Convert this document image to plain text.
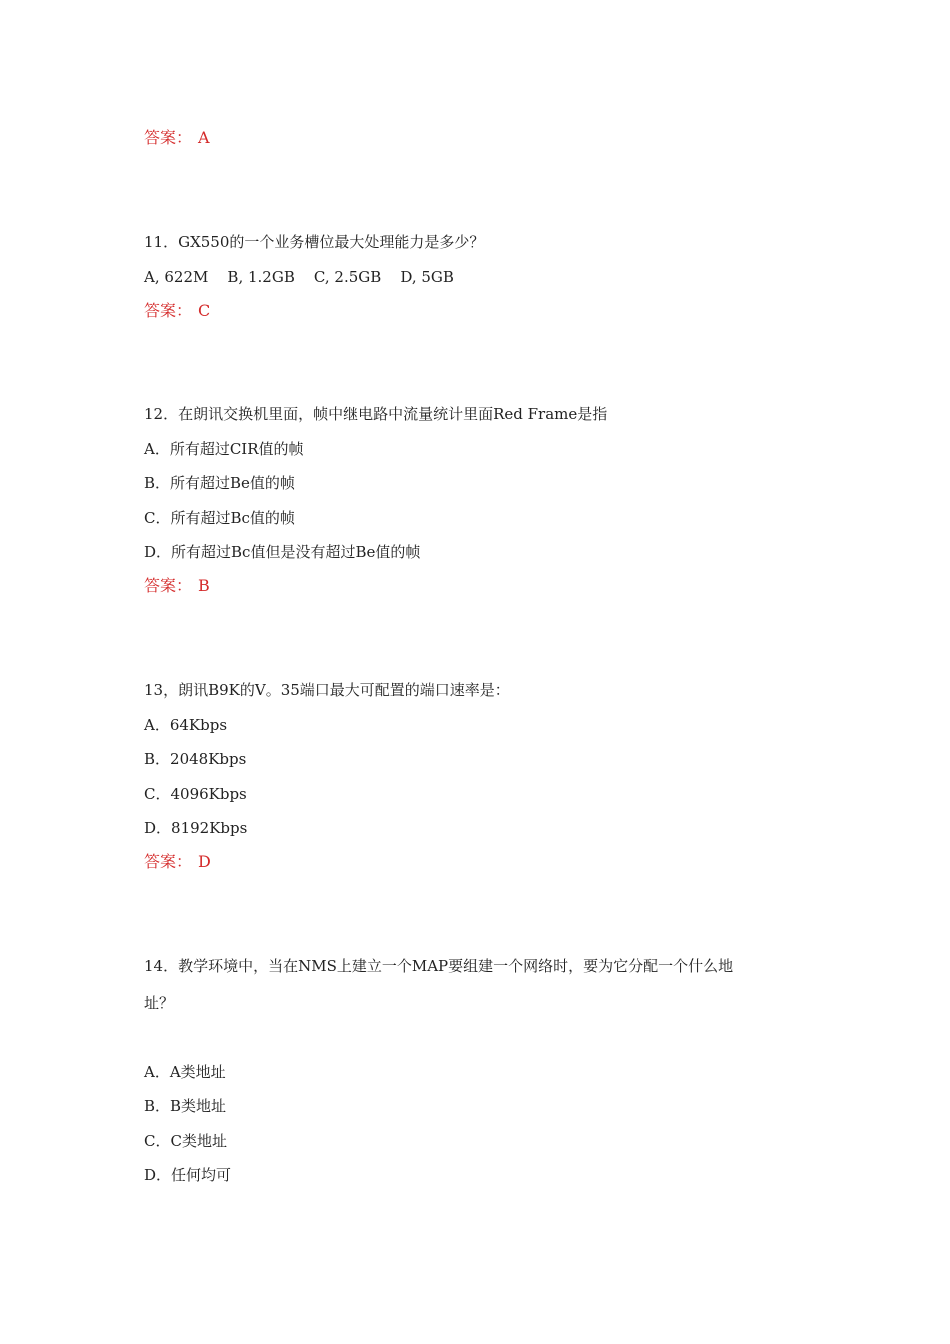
答案： A
11．GX550的一个业务槽位最大处理能力是多少？
A, 622M    B, 1.2GB    C, 2.5GB    D, 5GB
答案： C
12．在朗讯交换机里面，帧中继电路中流量统计里面Red Frame是指
A．所有超过CIR值的帧
B．所有超过Be值的帧
C．所有超过Bc值的帧
D．所有超过Bc值但是没有超过Be值的帧
答案： B
13，朗讯B9K的V。35端口最大可配置的端口速率是：
A．64Kbps
B．2048Kbps
C．4096Kbps
D．8192Kbps
答案： D
14．教学环境中，当在NMS上建立一个MAP要组建一个网络时，要为它分配一个什么地
址？
A．A类地址
B．B类地址
C．C类地址
D．任何均可
